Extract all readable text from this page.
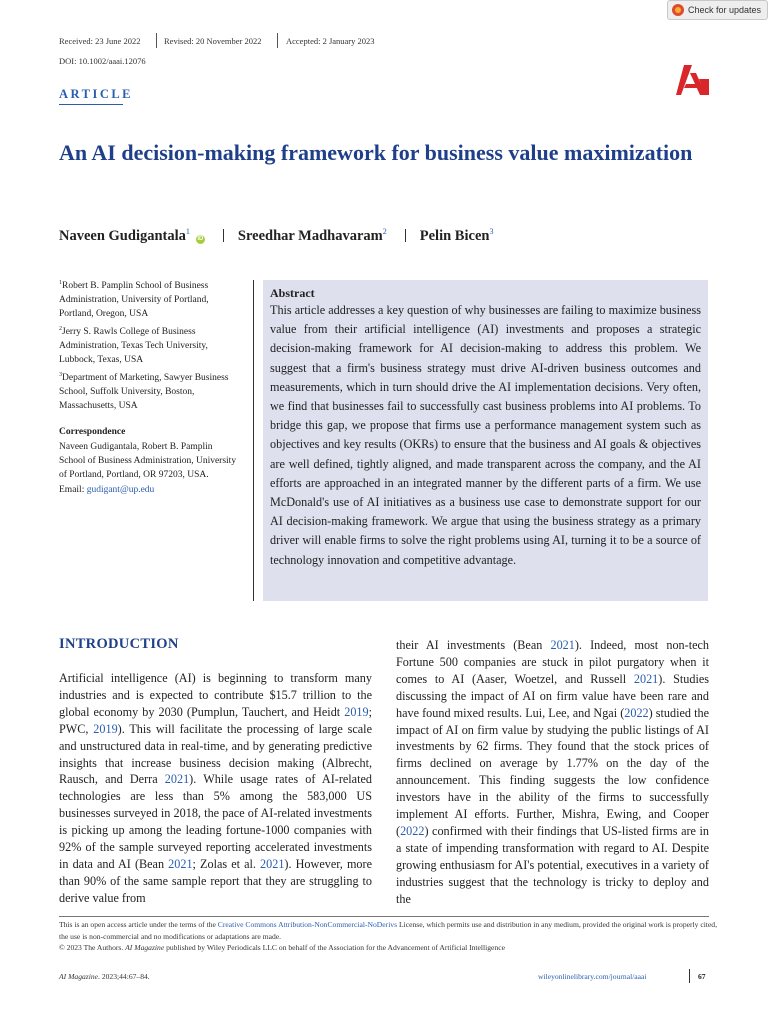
Check for updates
Received: 23 June 2022	Revised: 20 November 2022	Accepted: 2 January 2023
DOI: 10.1002/aaai.12076
ARTICLE
An AI decision-making framework for business value maximization
Naveen Gudigantala$^1$
iD Sreedhar Madhavaram$^2$ Pelin Bicen$^3$

$^1$Robert B. Pamplin School of Business Administration, University of Portland, Portland, Oregon, USA

$^2$Jerry S. Rawls College of Business Administration, Texas Tech University, Lubbock, Texas, USA

$^3$Department of Marketing, Sawyer Business School, Suffolk University, Boston, Massachusetts, USA

Correspondence

Naveen Gudigantala, Robert B. Pamplin School of Business Administration, University of Portland, Portland, OR 97203, USA.

Email: gudigant@up.edu

Abstract

This article addresses a key question of why businesses are failing to maximize business value from their artificial intelligence (AI) investments and proposes a strategic decision-making framework for AI decision-making to address this problem. We suggest that a firm's business strategy must drive AI-driven business outcomes and measurements, which in turn should drive the AI implementation decisions. Very often, we find that businesses fail to successfully cast business problems into AI problems. To bridge this gap, we propose that firms use a performance management system such as objectives and key results (OKRs) to ensure that the business and AI goals & objectives are well defined, tightly aligned, and made transparent across the company, and the AI efforts are approached in an integrated manner by the different parts of a firm. We use McDonald's use of AI initiatives as a business use case to demonstrate support for our AI decision-making framework. We argue that using the business strategy as a primary driver will enable firms to solve the right problems using AI, turning it to be a source of technology innovation and competitive advantage.

INTRODUCTION

Artificial intelligence (AI) is beginning to transform many industries and is expected to contribute $15.7 trillion to the global economy by 2030 (Pumplun, Tauchert, and Heidt 2019; PWC, 2019). This will facilitate the processing of large scale and unstructured data in real-time, and by generating predictive insights that increase business decision making (Albrecht, Rausch, and Derra 2021). While usage rates of AI-related technologies are less than 5% among the 583,000 US businesses surveyed in 2018, the pace of AI-related investments is picking up among the leading fortune-1000 companies with 92% of the sample surveyed reporting accelerated investments in data and AI (Bean 2021; Zolas et al. 2021). However, more than 90% of the same sample report that they are struggling to derive value from

their AI investments (Bean 2021). Indeed, most non-tech Fortune 500 companies are stuck in pilot purgatory when it comes to AI (Aaser, Woetzel, and Russell 2021). Studies discussing the impact of AI on firm value have been rare and have found mixed results. Lui, Lee, and Ngai (2022) studied the impact of AI on firm value by studying the public listings of AI investments by 62 firms. They found that the stock prices of firms declined on average by 1.77% on the day of the announcement. This finding suggests the low confidence investors have in the ability of the firms to successfully implement AI efforts. Further, Mishra, Ewing, and Cooper (2022) confirmed with their findings that US-listed firms are in a state of impending transformation with regard to AI. Despite growing enthusiasm for AI's potential, executives in a variety of industries suggest that the technology is tricky to deploy and the

This is an open access article under the terms of the Creative Commons Attribution-NonCommercial-NoDerivs License, which permits use and distribution in any medium, provided the original work is properly cited, the use is non-commercial and no modifications or adaptations are made.

© 2023 The Authors. AI Magazine published by Wiley Periodicals LLC on behalf of the Association for the Advancement of Artificial Intelligence

AI Magazine. 2023;44:67–84.	wileyonlinelibrary.com/journal/aaai	67
